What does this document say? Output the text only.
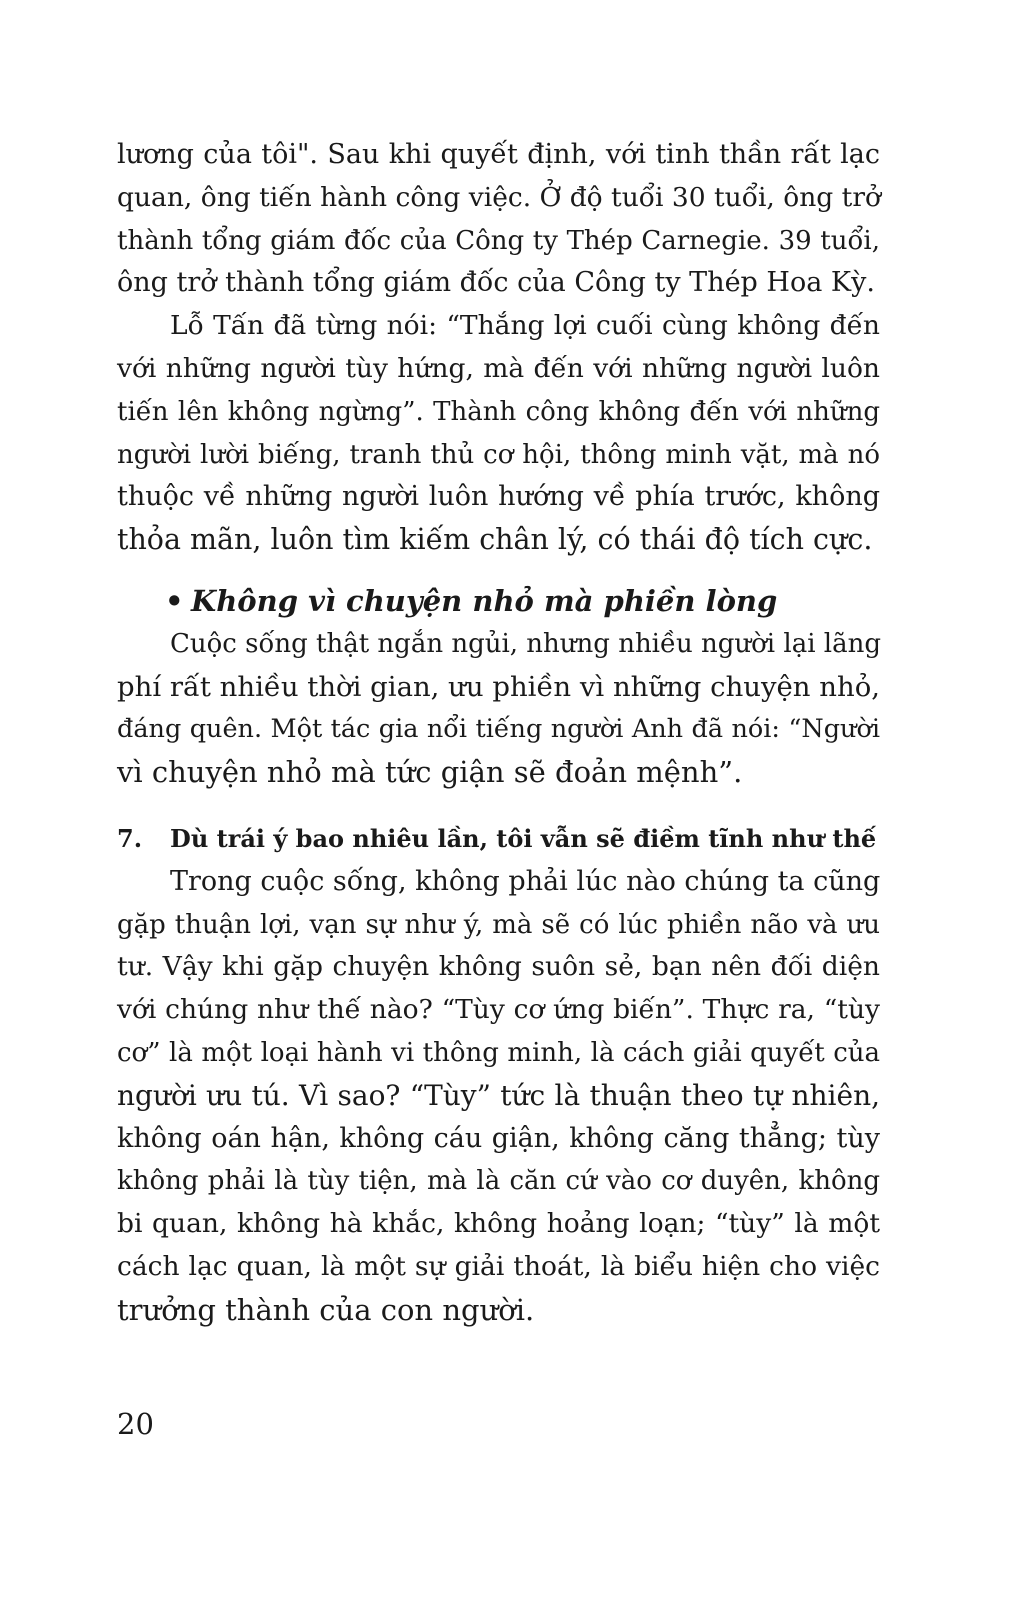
lương của tôi". Sau khi quyết định, với tinh thần rất lạc
quan, ông tiến hành công việc. Ở độ tuổi 30 tuổi, ông trở
thành tổng giám đốc của Công ty Thép Carnegie. 39 tuổi,
ông trở thành tổng giám đốc của Công ty Thép Hoa Kỳ.
Lỗ Tấn đã từng nói: “Thắng lợi cuối cùng không đến
với những người tùy hứng, mà đến với những người luôn
tiến lên không ngừng”. Thành công không đến với những
người lười biếng, tranh thủ cơ hội, thông minh vặt, mà nó
thuộc về những người luôn hướng về phía trước, không
thỏa mãn, luôn tìm kiếm chân lý, có thái độ tích cực.
• Không vì chuyện nhỏ mà phiền lòng
Cuộc sống thật ngắn ngủi, nhưng nhiều người lại lãng
phí rất nhiều thời gian, ưu phiền vì những chuyện nhỏ,
đáng quên. Một tác gia nổi tiếng người Anh đã nói: “Người
vì chuyện nhỏ mà tức giận sẽ đoản mệnh”.
7. Dù trái ý bao nhiêu lần, tôi vẫn sẽ điềm tĩnh như thế
Trong cuộc sống, không phải lúc nào chúng ta cũng
gặp thuận lợi, vạn sự như ý, mà sẽ có lúc phiền não và ưu
tư. Vậy khi gặp chuyện không suôn sẻ, bạn nên đối diện
với chúng như thế nào? “Tùy cơ ứng biến”. Thực ra, “tùy
cơ” là một loại hành vi thông minh, là cách giải quyết của
người ưu tú. Vì sao? “Tùy” tức là thuận theo tự nhiên,
không oán hận, không cáu giận, không căng thẳng; tùy
không phải là tùy tiện, mà là căn cứ vào cơ duyên, không
bi quan, không hà khắc, không hoảng loạn; “tùy” là một
cách lạc quan, là một sự giải thoát, là biểu hiện cho việc
trưởng thành của con người.
20
